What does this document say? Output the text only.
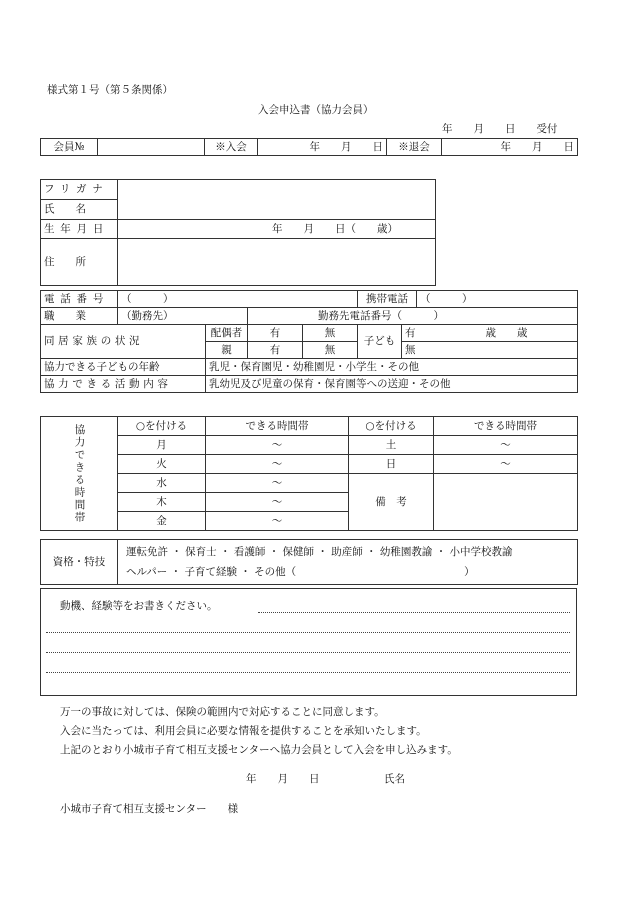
様式第１号（第５条関係）
入会申込書（協力会員）
年　　月　　日　　受付
会員№		※入会	年　　月　　日	※退会	年　　月　　日
フリガナ	
氏　　名	
生年月日	年　　月　　日（　　歳）
住　　所	
電話番号	（　　　）				携帯電話		（　　　）
職　　業	（勤務先）		勤務先電話番号（　　　）				
同居家族の状況		配偶者	有	無	子ども	有 歳　　歳	
		親	有	無		無	
協力できる子どもの年齢		乳児・保育園児・幼稚園児・小学生・その他					
協力できる活動内容		乳幼児及び児童の保育・保育園等への送迎・その他					
協力できる時間帯	○を付ける	できる時間帯	○を付ける	できる時間帯
	月	～	土	～
	火	～	日	～
	水	～	備　考	
	木	～		
	金	～		
資格・特技	
運転免許 ・ 保育士 ・ 看護師 ・ 保健師 ・ 助産師 ・ 幼稚園教諭 ・ 小中学校教諭
ヘルパー ・ 子育て経験 ・ その他（	）
動機、経験等をお書きください。
万一の事故に対しては、保険の範囲内で対応することに同意します。
入会に当たっては、利用会員に必要な情報を提供することを承知いたします。
上記のとおり小城市子育て相互支援センターへ協力会員として入会を申し込みます。
年　　月　　日	氏名
小城市子育て相互支援センター　　様
